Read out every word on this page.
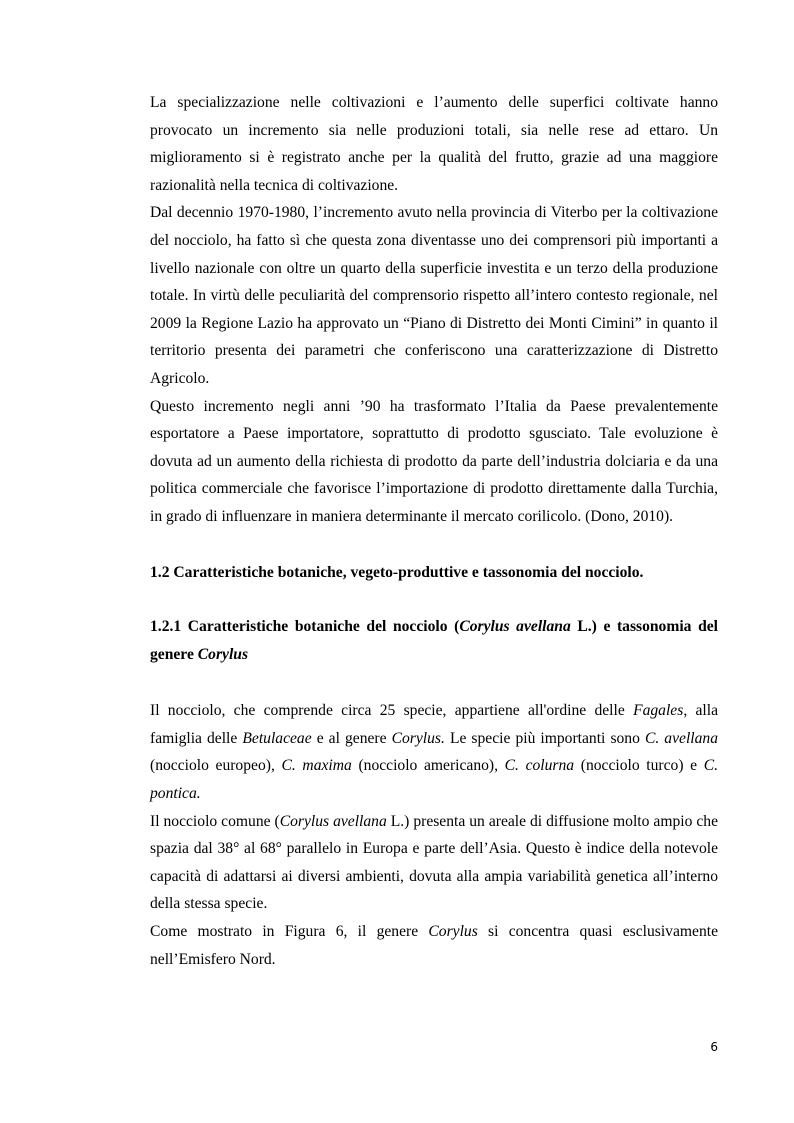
La specializzazione nelle coltivazioni e l’aumento delle superfici coltivate hanno provocato un incremento sia nelle produzioni totali, sia nelle rese ad ettaro. Un miglioramento si è registrato anche per la qualità del frutto, grazie ad una maggiore razionalità nella tecnica di coltivazione.

Dal decennio 1970-1980, l’incremento avuto nella provincia di Viterbo per la coltivazione del nocciolo, ha fatto sì che questa zona diventasse uno dei comprensori più importanti a livello nazionale con oltre un quarto della superficie investita e un terzo della produzione totale. In virtù delle peculiarità del comprensorio rispetto all’intero contesto regionale, nel 2009 la Regione Lazio ha approvato un “Piano di Distretto dei Monti Cimini” in quanto il territorio presenta dei parametri che conferiscono una caratterizzazione di Distretto Agricolo.

Questo incremento negli anni ’90 ha trasformato l’Italia da Paese prevalentemente esportatore a Paese importatore, soprattutto di prodotto sgusciato. Tale evoluzione è dovuta ad un aumento della richiesta di prodotto da parte dell’industria dolciaria e da una politica commerciale che favorisce l’importazione di prodotto direttamente dalla Turchia, in grado di influenzare in maniera determinante il mercato corilicolo. (Dono, 2010).

1.2 Caratteristiche botaniche, vegeto-produttive e tassonomia del nocciolo.
1.2.1 Caratteristiche botaniche del nocciolo (Corylus avellana L.) e tassonomia del genere Corylus

Il nocciolo, che comprende circa 25 specie, appartiene all'ordine delle Fagales, alla famiglia delle Betulaceae e al genere Corylus. Le specie più importanti sono C. avellana (nocciolo europeo), C. maxima (nocciolo americano), C. colurna (nocciolo turco) e C. pontica.

Il nocciolo comune (Corylus avellana L.) presenta un areale di diffusione molto ampio che spazia dal 38° al 68° parallelo in Europa e parte dell’Asia. Questo è indice della notevole capacità di adattarsi ai diversi ambienti, dovuta alla ampia variabilità genetica all’interno della stessa specie.

Come mostrato in Figura 6, il genere Corylus si concentra quasi esclusivamente nell’Emisfero Nord.

6
